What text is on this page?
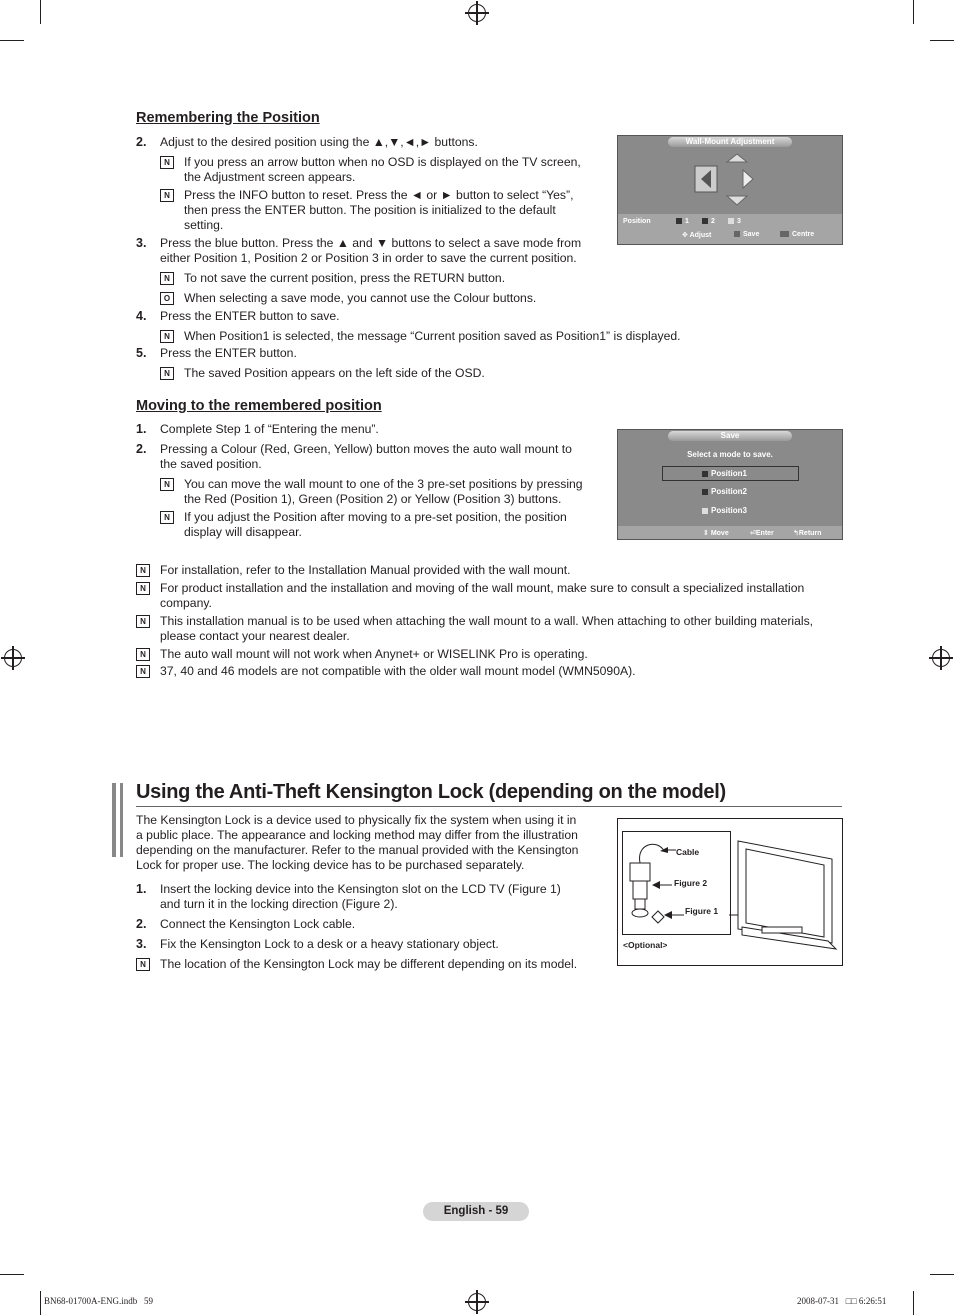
Remembering the Position
2. Adjust to the desired position using the ▲,▼,◄,► buttons.
N	If you press an arrow button when no OSD is displayed on the TV screen, the Adjustment screen appears.
N	Press the INFO button to reset. Press the ◄ or ► button to select “Yes”, then press the ENTER button. The position is initialized to the default setting.
3. Press the blue button. Press the ▲ and ▼ buttons to select a save mode from either Position 1, Position 2 or Position 3 in order to save the current position.
N	To not save the current position, press the RETURN button.
O	When selecting a save mode, you cannot use the Colour buttons.
4. Press the ENTER button to save.
N	When Position1 is selected, the message “Current position saved as Position1” is displayed.
5. Press the ENTER button.
N	The saved Position appears on the left side of the OSD.
Wall-Mount Adjustment
Position	1	2	3
✥ Adjust	Save	Centre
Moving to the remembered position
1. Complete Step 1 of “Entering the menu”.
2. Pressing a Colour (Red, Green, Yellow) button moves the auto wall mount to the saved position.
N	You can move the wall mount to one of the 3 pre-set positions by pressing the Red (Position 1), Green (Position 2) or Yellow (Position 3) buttons.
N	If you adjust the Position after moving to a pre-set position, the position display will disappear.
Save
Select a mode to save.
Position1
Position2
Position3
⇕ Move	⏎Enter	↰Return
N	For installation, refer to the Installation Manual provided with the wall mount.
N	For product installation and the installation and moving of the wall mount, make sure to consult a specialized installation company.
N	This installation manual is to be used when attaching the wall mount to a wall. When attaching to other building materials, please contact your nearest dealer.
N	The auto wall mount will not work when Anynet+ or WISELINK Pro is operating.
N	37, 40 and 46 models are not compatible with the older wall mount model (WMN5090A).
Using the Anti-Theft Kensington Lock (depending on the model)
The Kensington Lock is a device used to physically fix the system when using it in a public place. The appearance and locking method may differ from the illustration depending on the manufacturer. Refer to the manual provided with the Kensington Lock for proper use. The locking device has to be purchased separately.
1. Insert the locking device into the Kensington slot on the LCD TV (Figure 1) and turn it in the locking direction (Figure 2).
2. Connect the Kensington Lock cable.
3. Fix the Kensington Lock to a desk or a heavy stationary object.
N	The location of the Kensington Lock may be different depending on its model.
Cable
Figure 2
Figure 1
<Optional>
English - 59
BN68-01700A-ENG.indb   59	2008-07-31   □□ 6:26:51
